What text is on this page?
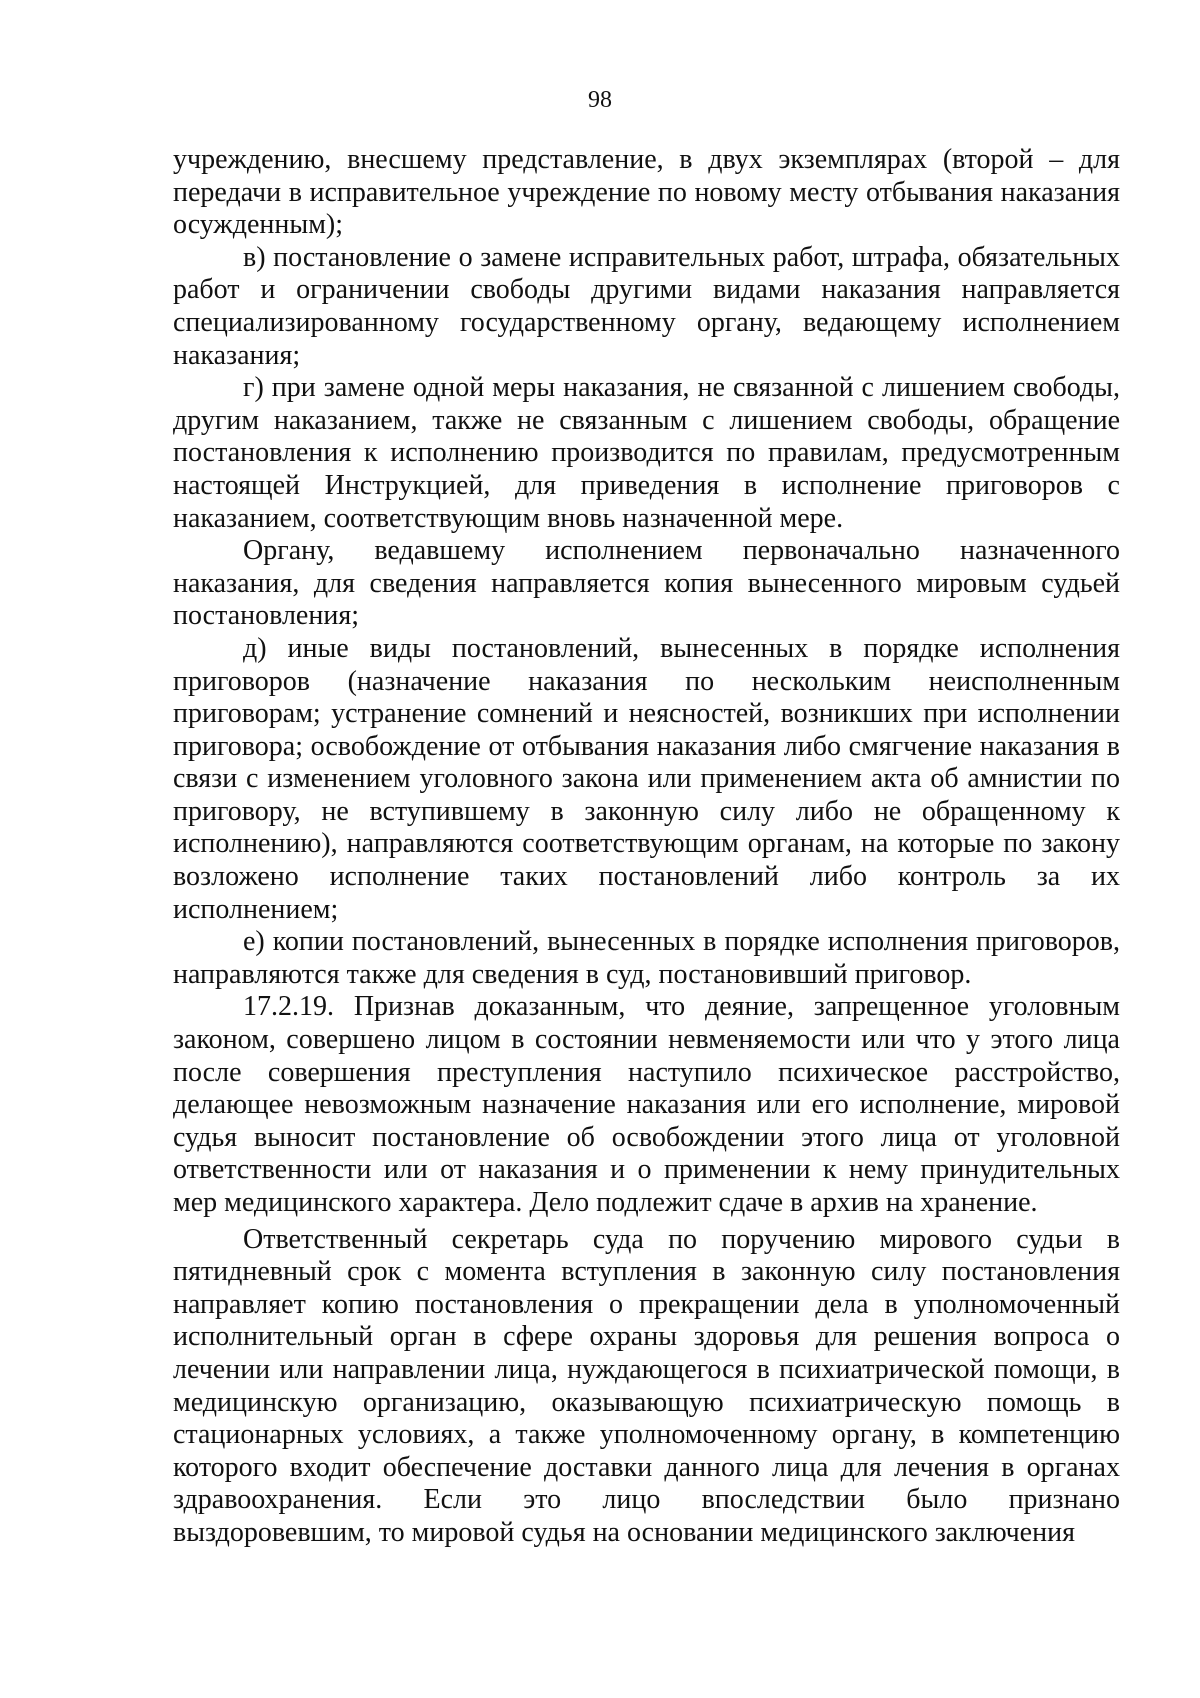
98

учреждению, внесшему представление, в двух экземплярах (второй – для передачи в исправительное учреждение по новому месту отбывания наказания осужденным);

в) постановление о замене исправительных работ, штрафа, обязательных работ и ограничении свободы другими видами наказания направляется специализированному государственному органу, ведающему исполнением наказания;

г) при замене одной меры наказания, не связанной с лишением свободы, другим наказанием, также не связанным с лишением свободы, обращение постановления к исполнению производится по правилам, предусмотренным настоящей Инструкцией, для приведения в исполнение приговоров с наказанием, соответствующим вновь назначенной мере.

Органу, ведавшему исполнением первоначально назначенного наказания, для сведения направляется копия вынесенного мировым судьей постановления;

д) иные виды постановлений, вынесенных в порядке исполнения приговоров (назначение наказания по нескольким неисполненным приговорам; устранение сомнений и неясностей, возникших при исполнении приговора; освобождение от отбывания наказания либо смягчение наказания в связи с изменением уголовного закона или применением акта об амнистии по приговору, не вступившему в законную силу либо не обращенному к исполнению), направляются соответствующим органам, на которые по закону возложено исполнение таких постановлений либо контроль за их исполнением;

е) копии постановлений, вынесенных в порядке исполнения приговоров, направляются также для сведения в суд, постановивший приговор.

17.2.19. Признав доказанным, что деяние, запрещенное уголовным законом, совершено лицом в состоянии невменяемости или что у этого лица после совершения преступления наступило психическое расстройство, делающее невозможным назначение наказания или его исполнение, мировой судья выносит постановление об освобождении этого лица от уголовной ответственности или от наказания и о применении к нему принудительных мер медицинского характера. Дело подлежит сдаче в архив на хранение.

Ответственный секретарь суда по поручению мирового судьи в пятидневный срок с момента вступления в законную силу постановления направляет копию постановления о прекращении дела в уполномоченный исполнительный орган в сфере охраны здоровья для решения вопроса о лечении или направлении лица, нуждающегося в психиатрической помощи, в медицинскую организацию, оказывающую психиатрическую помощь в стационарных условиях, а также уполномоченному органу, в компетенцию которого входит обеспечение доставки данного лица для лечения в органах здравоохранения. Если это лицо впоследствии было признано выздоровевшим, то мировой судья на основании медицинского заключения
